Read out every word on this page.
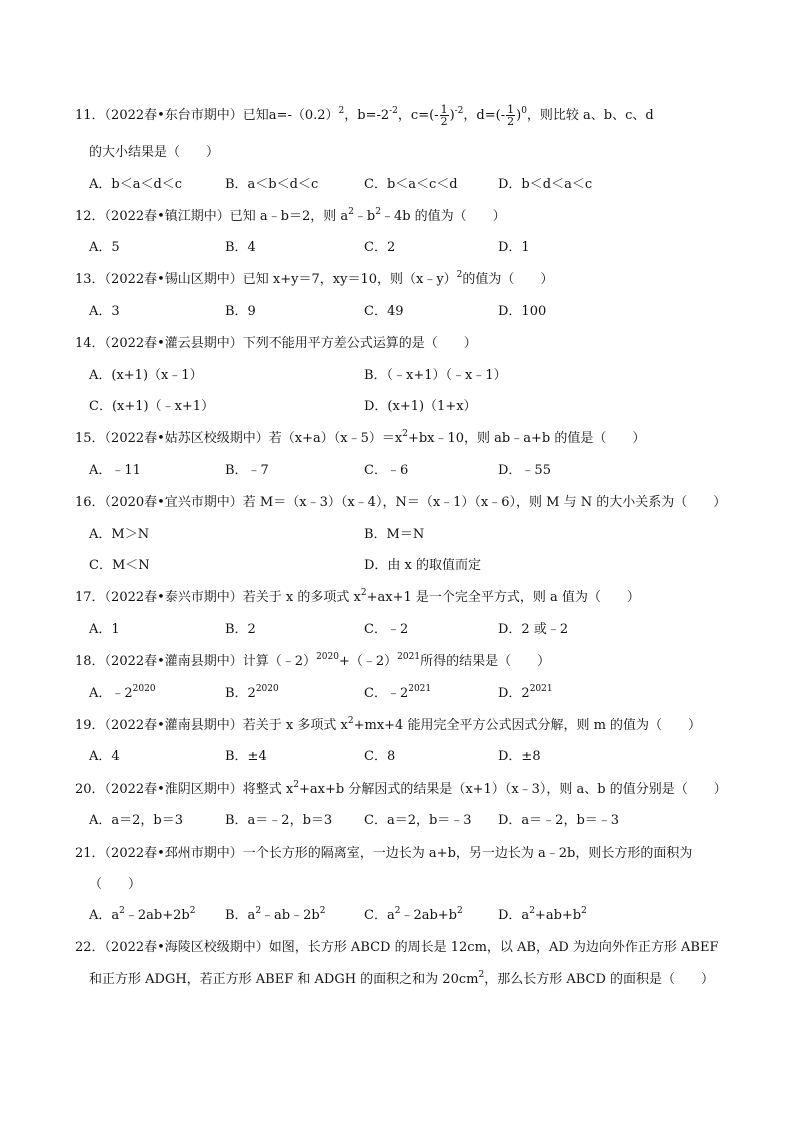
11．（2022春•东台市期中）已知$a=-(0.2)^2$，$b=-2^{-2}$，$c=(- \frac{1}{2} )^{-2}$，$d=(- \frac{1}{2} )^0$，则比较 a、b、c、d
的大小结果是（　　）
A．b＜a＜d＜c	B．a＜b＜d＜c	C．b＜a＜c＜d	D．b＜d＜a＜c
12．（2022春•镇江期中）已知 a﹣b＝2，则 $a^2﹣b^2﹣4b$ 的值为（　　）
A．5	B．4	C．2	D．1
13．（2022春•锡山区期中）已知 x+y＝7，xy＝10，则（x﹣y）$^2$的值为（　　）
A．3	B．9	C．49	D．100
14．（2022春•灌云县期中）下列不能用平方差公式运算的是（　　）
A．(x+1)（x﹣1）	B．（﹣x+1）（﹣x﹣1）
C．(x+1)（﹣x+1）	D．(x+1)（1+x）
15．（2022春•姑苏区校级期中）若$(x+a)(x﹣5)=x^2+bx﹣10$，则 ab﹣a+b 的值是（　　）
A．﹣11	B．﹣7	C．﹣6	D．﹣55
16．（2020春•宜兴市期中）若 M＝（x﹣3）（x﹣4），N＝（x﹣1）（x﹣6），则 M 与 N 的大小关系为（　　）
A．M＞N	B．M＝N
C．M＜N	D．由 x 的取值而定
17．（2022春•泰兴市期中）若关于 x 的多项式 $x^2+ax+1$ 是一个完全平方式，则 a 值为（　　）
A．1	B．2	C．﹣2	D．2 或﹣2
18．（2022春•灌南县期中）计算（﹣2）$^{2020}$+（﹣2）$^{2021}$所得的结果是（　　）
A．$﹣2^{2020}$	B．$2^{2020}$	C．$﹣2^{2021}$	D．$2^{2021}$
19．（2022春•灌南县期中）若关于 x 多项式 $x^2+mx+4$ 能用完全平方公式因式分解，则 m 的值为（　　）
A．4	B．±4	C．8	D．±8
20．（2022春•淮阴区期中）将整式 $x^2+ax+b$ 分解因式的结果是（x+1）（x﹣3），则 a、b 的值分别是（　　）
A．a＝2，b＝3	B．a＝﹣2，b＝3 C．a＝2，b＝﹣3 D．a＝﹣2，b＝﹣3
21．（2022春•邳州市期中）一个长方形的隔离室，一边长为 a+b，另一边长为 a﹣2b，则长方形的面积为
（　　）
A．$a^2﹣2ab+2b^2$ B．$a^2﹣ab﹣2b^2$	C．$a^2﹣2ab+b^2$	D．$a^2+ab+b^2$
22．（2022春•海陵区校级期中）如图，长方形 ABCD 的周长是 12cm，以 AB，AD 为边向外作正方形 ABEF
和正方形 ADGH，若正方形 ABEF 和 ADGH 的面积之和为 $20cm^2$，那么长方形 ABCD 的面积是（　　）
